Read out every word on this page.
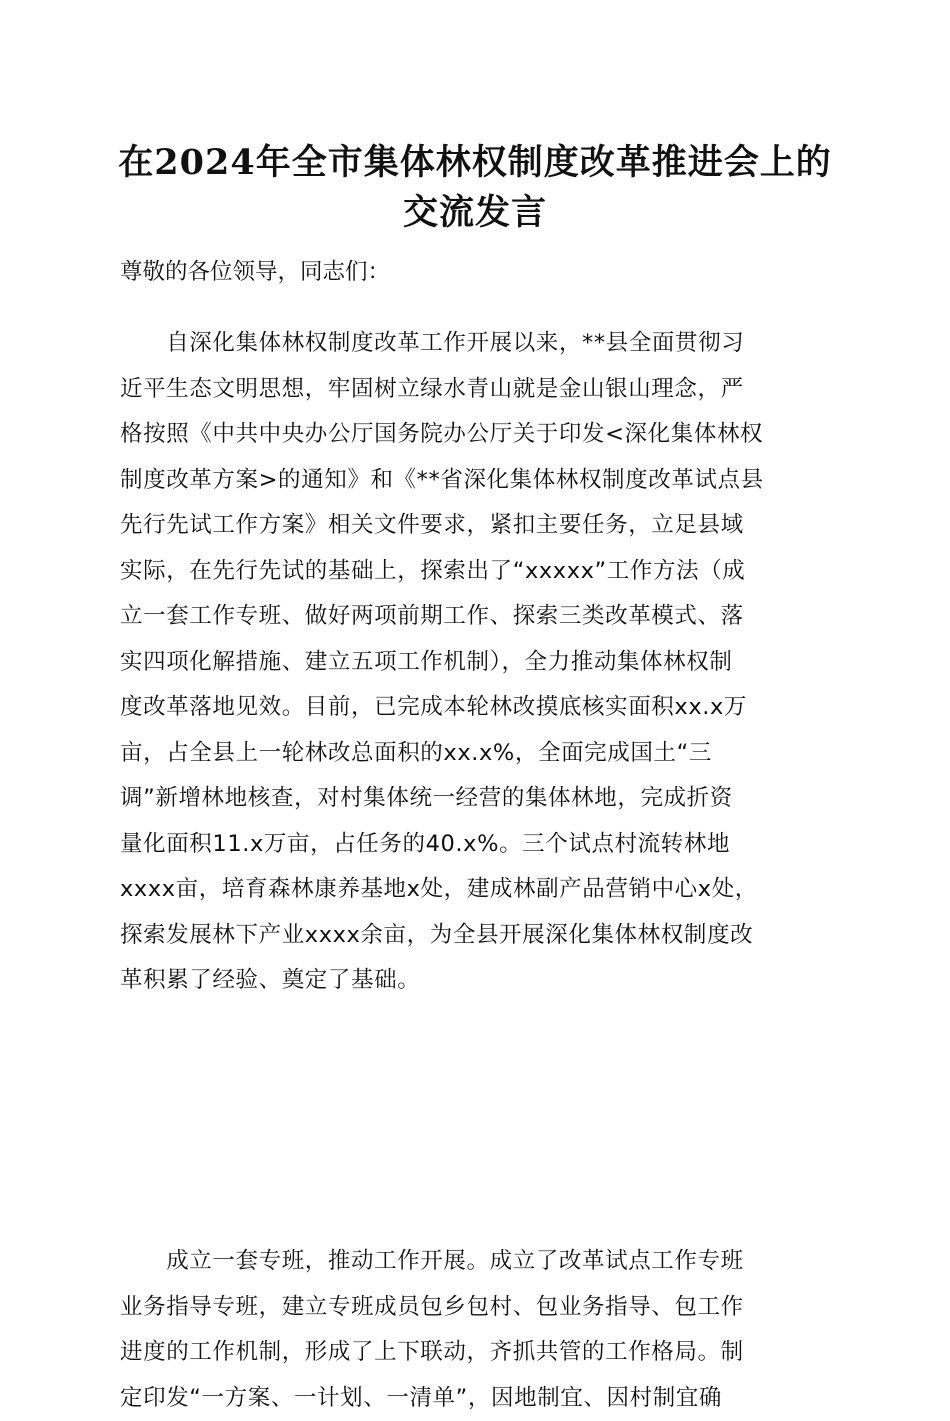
在2024年全市集体林权制度改革推进会上的
交流发言
尊敬的各位领导，同志们：
　　自深化集体林权制度改革工作开展以来，**县全面贯彻习
近平生态文明思想，牢固树立绿水青山就是金山银山理念，严
格按照《中共中央办公厅国务院办公厅关于印发<深化集体林权
制度改革方案>的通知》和《**省深化集体林权制度改革试点县
先行先试工作方案》相关文件要求，紧扣主要任务，立足县域
实际，在先行先试的基础上，探索出了“xxxxx”工作方法（成
立一套工作专班、做好两项前期工作、探索三类改革模式、落
实四项化解措施、建立五项工作机制），全力推动集体林权制
度改革落地见效。目前，已完成本轮林改摸底核实面积xx.x万
亩，占全县上一轮林改总面积的xx.x%，全面完成国土“三
调”新增林地核查，对村集体统一经营的集体林地，完成折资
量化面积11.x万亩，占任务的40.x%。三个试点村流转林地
xxxx亩，培育森林康养基地x处，建成林副产品营销中心x处，
探索发展林下产业xxxx余亩，为全县开展深化集体林权制度改
革积累了经验、奠定了基础。
　　成立一套专班，推动工作开展。成立了改革试点工作专班
业务指导专班，建立专班成员包乡包村、包业务指导、包工作
进度的工作机制，形成了上下联动，齐抓共管的工作格局。制
定印发“一方案、一计划、一清单”，因地制宜、因村制宜确
